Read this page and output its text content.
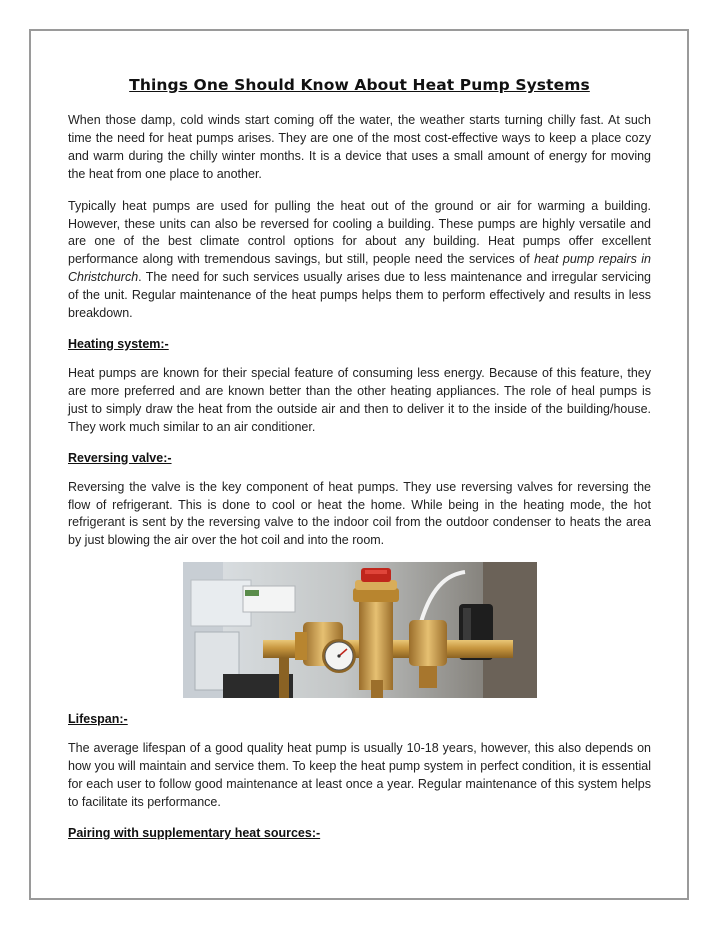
Things One Should Know About Heat Pump Systems

When those damp, cold winds start coming off the water, the weather starts turning chilly fast. At such time the need for heat pumps arises. They are one of the most cost-effective ways to keep a place cozy and warm during the chilly winter months. It is a device that uses a small amount of energy for moving the heat from one place to another.

Typically heat pumps are used for pulling the heat out of the ground or air for warming a building. However, these units can also be reversed for cooling a building. These pumps are highly versatile and are one of the best climate control options for about any building. Heat pumps offer excellent performance along with tremendous savings, but still, people need the services of heat pump repairs in Christchurch. The need for such services usually arises due to less maintenance and irregular servicing of the unit. Regular maintenance of the heat pumps helps them to perform effectively and results in less breakdown.

Heating system:-

Heat pumps are known for their special feature of consuming less energy. Because of this feature, they are more preferred and are known better than the other heating appliances. The role of heal pumps is just to simply draw the heat from the outside air and then to deliver it to the inside of the building/house. They work much similar to an air conditioner.

Reversing valve:-

Reversing the valve is the key component of heat pumps. They use reversing valves for reversing the flow of refrigerant. This is done to cool or heat the home. While being in the heating mode, the hot refrigerant is sent by the reversing valve to the indoor coil from the outdoor condenser to heats the area by just blowing the air over the hot coil and into the room.

Lifespan:-

The average lifespan of a good quality heat pump is usually 10-18 years, however, this also depends on how you will maintain and service them. To keep the heat pump system in perfect condition, it is essential for each user to follow good maintenance at least once a year. Regular maintenance of this system helps to facilitate its performance.

Pairing with supplementary heat sources:-
